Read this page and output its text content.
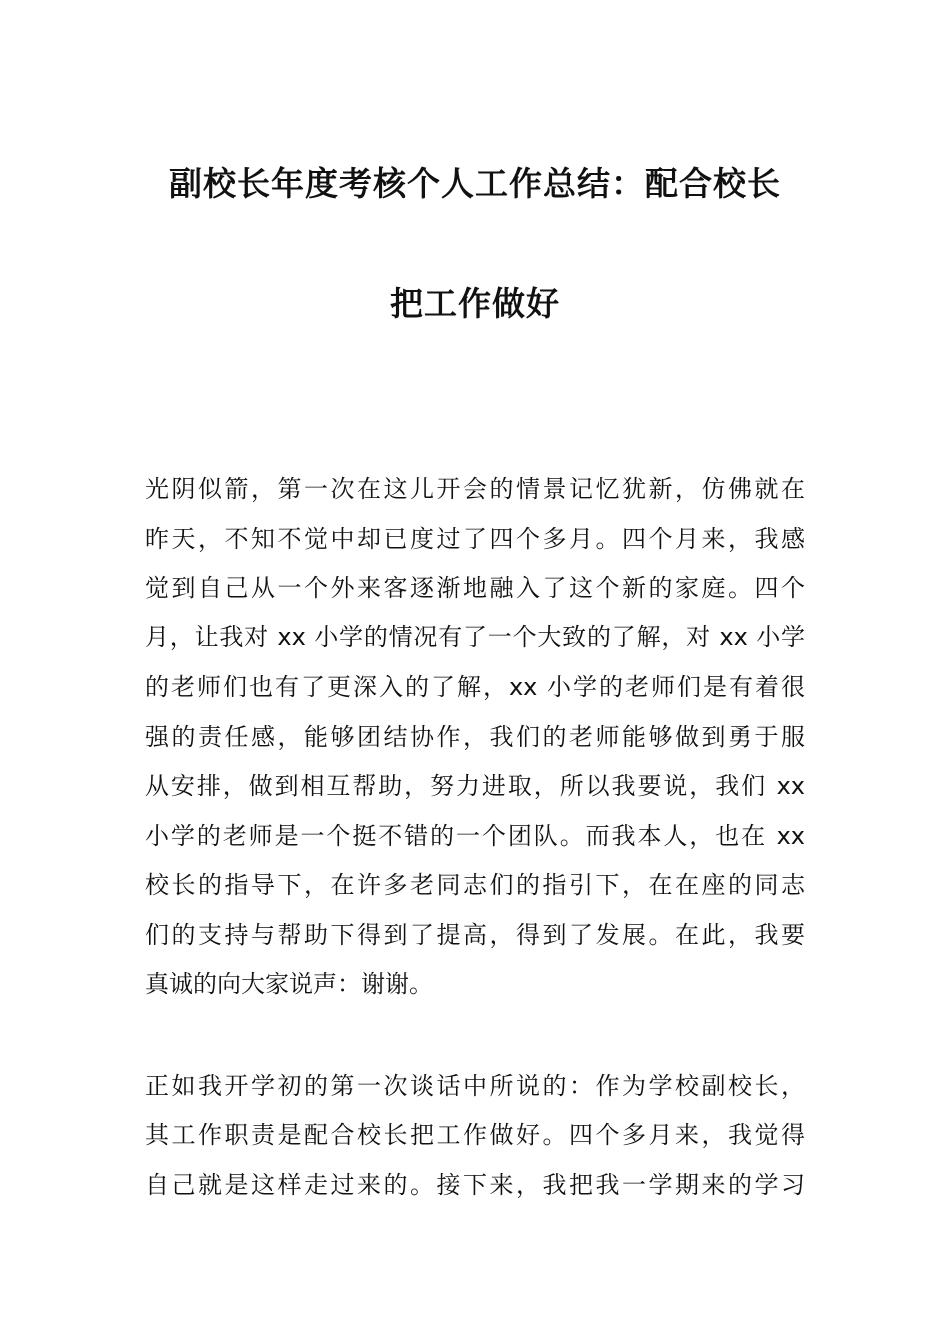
副校长年度考核个人工作总结：配合校长
把工作做好
光阴似箭，第一次在这儿开会的情景记忆犹新，仿佛就在
昨天，不知不觉中却已度过了四个多月。四个月来，我感
觉到自己从一个外来客逐渐地融入了这个新的家庭。四个
月，让我对 xx 小学的情况有了一个大致的了解，对 xx 小学
的老师们也有了更深入的了解，xx 小学的老师们是有着很
强的责任感，能够团结协作，我们的老师能够做到勇于服
从安排，做到相互帮助，努力进取，所以我要说，我们 xx
小学的老师是一个挺不错的一个团队。而我本人，也在 xx
校长的指导下，在许多老同志们的指引下，在在座的同志
们的支持与帮助下得到了提高，得到了发展。在此，我要
真诚的向大家说声：谢谢。
正如我开学初的第一次谈话中所说的：作为学校副校长，
其工作职责是配合校长把工作做好。四个多月来，我觉得
自己就是这样走过来的。接下来，我把我一学期来的学习
